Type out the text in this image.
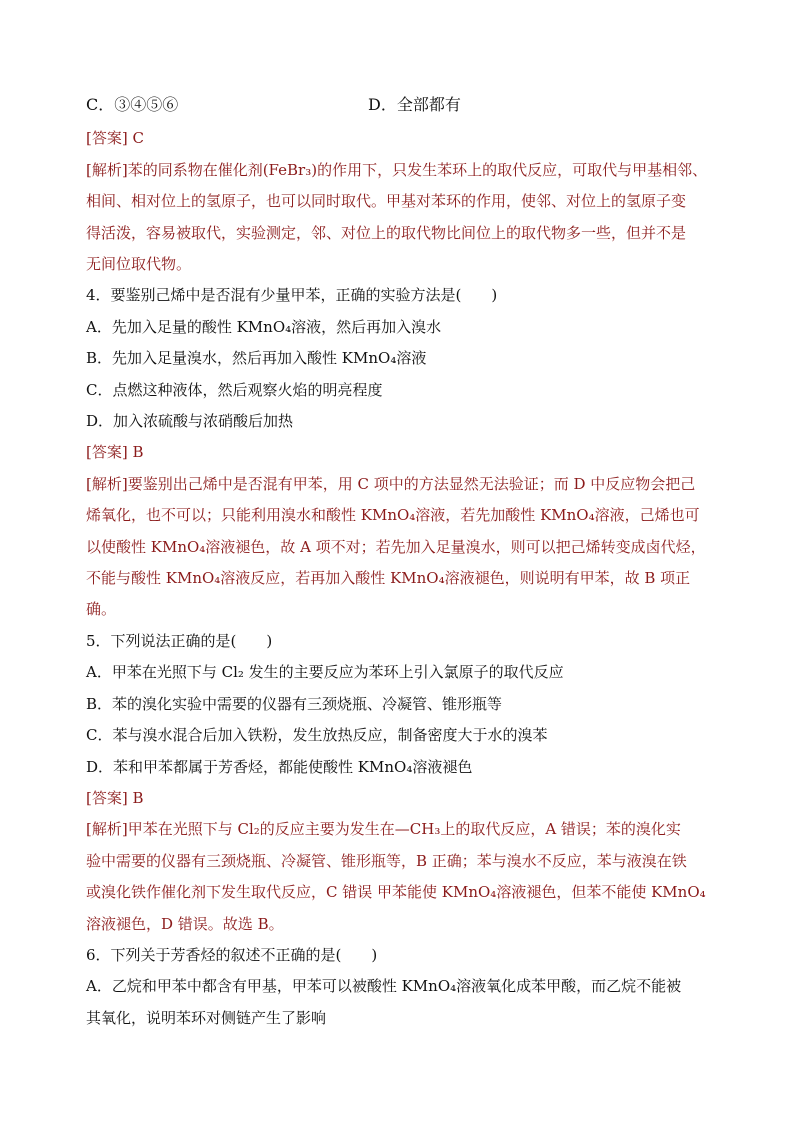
C．③④⑤⑥	D．全部都有
[答案] C
[解析]苯的同系物在催化剂(FeBr₃)的作用下，只发生苯环上的取代反应，可取代与甲基相邻、
相间、相对位上的氢原子，也可以同时取代。甲基对苯环的作用，使邻、对位上的氢原子变
得活泼，容易被取代，实验测定，邻、对位上的取代物比间位上的取代物多一些，但并不是
无间位取代物。
4．要鉴别己烯中是否混有少量甲苯，正确的实验方法是(　　)
A．先加入足量的酸性 KMnO₄溶液，然后再加入溴水
B．先加入足量溴水，然后再加入酸性 KMnO₄溶液
C．点燃这种液体，然后观察火焰的明亮程度
D．加入浓硫酸与浓硝酸后加热
[答案] B
[解析]要鉴别出己烯中是否混有甲苯，用 C 项中的方法显然无法验证；而 D 中反应物会把己
烯氧化，也不可以；只能利用溴水和酸性 KMnO₄溶液，若先加酸性 KMnO₄溶液，己烯也可
以使酸性 KMnO₄溶液褪色，故 A 项不对；若先加入足量溴水，则可以把己烯转变成卤代烃，
不能与酸性 KMnO₄溶液反应，若再加入酸性 KMnO₄溶液褪色，则说明有甲苯，故 B 项正
确。
5．下列说法正确的是(　　)
A．甲苯在光照下与 Cl₂ 发生的主要反应为苯环上引入氯原子的取代反应
B．苯的溴化实验中需要的仪器有三颈烧瓶、冷凝管、锥形瓶等
C．苯与溴水混合后加入铁粉，发生放热反应，制备密度大于水的溴苯
D．苯和甲苯都属于芳香烃，都能使酸性 KMnO₄溶液褪色
[答案] B
[解析]甲苯在光照下与 Cl₂的反应主要为发生在—CH₃上的取代反应，A 错误；苯的溴化实
验中需要的仪器有三颈烧瓶、冷凝管、锥形瓶等，B 正确；苯与溴水不反应，苯与液溴在铁
或溴化铁作催化剂下发生取代反应，C 错误 甲苯能使 KMnO₄溶液褪色，但苯不能使 KMnO₄
溶液褪色，D 错误。故选 B。
6．下列关于芳香烃的叙述不正确的是(　　)
A．乙烷和甲苯中都含有甲基，甲苯可以被酸性 KMnO₄溶液氧化成苯甲酸，而乙烷不能被
其氧化，说明苯环对侧链产生了影响
